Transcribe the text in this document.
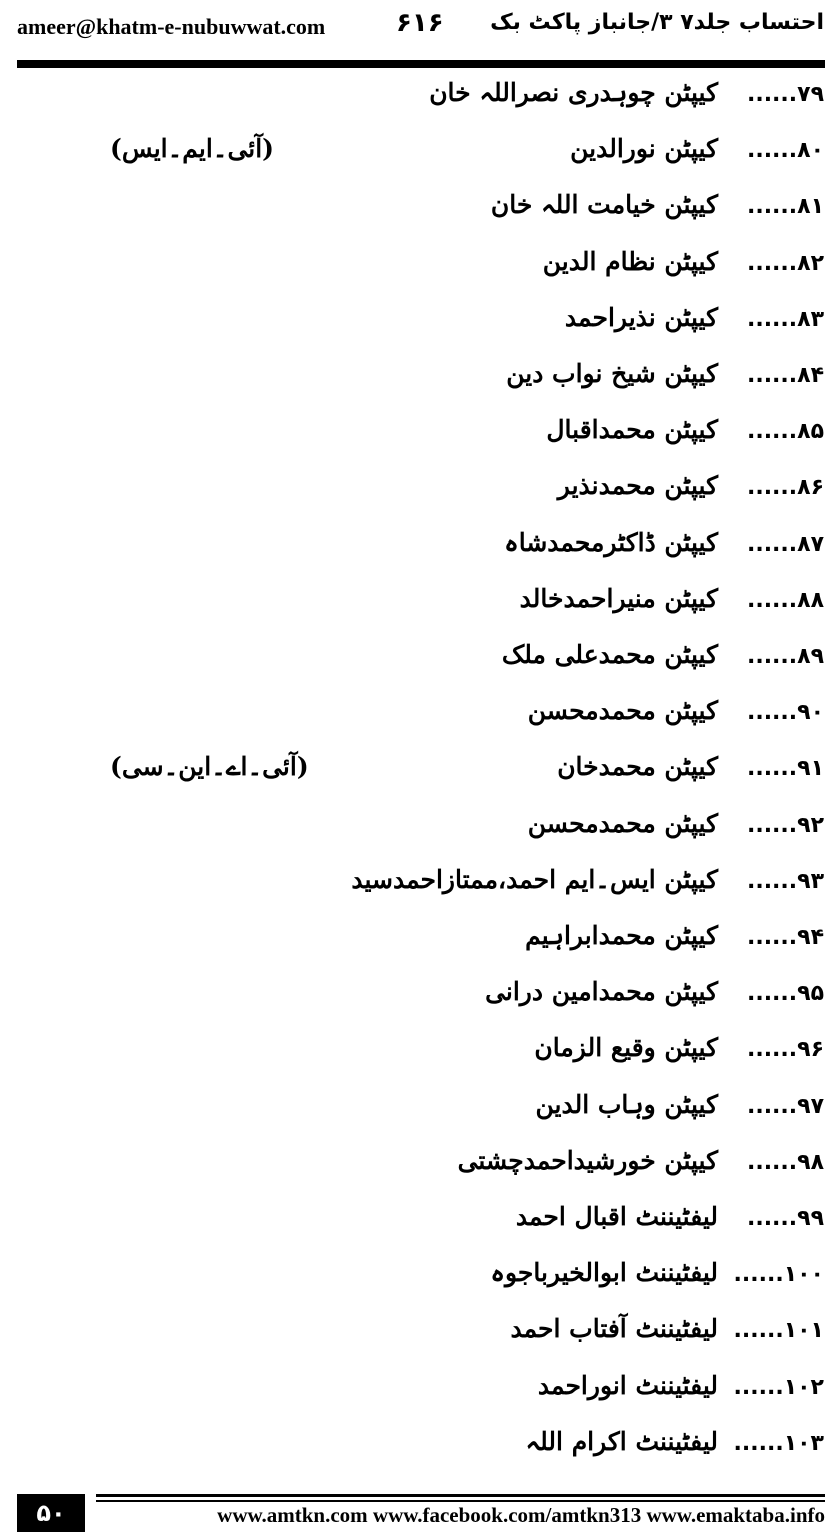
ameer@khatm-e-nubuwwat.com	۶۱۶ احتساب جلد۷ ۳/جانباز پاکٹ بک
۷۹......
کیپٹن چوہدری نصراللہ خان
۸۰......
کیپٹن نورالدین
(آئی۔ایم۔ایس)
۸۱......
کیپٹن خیامت اللہ خان
۸۲......
کیپٹن نظام الدین
۸۳......
کیپٹن نذیراحمد
۸۴......
کیپٹن شیخ نواب دین
۸۵......
کیپٹن محمداقبال
۸۶......
کیپٹن محمدنذیر
۸۷......
کیپٹن ڈاکٹرمحمدشاہ
۸۸......
کیپٹن منیراحمدخالد
۸۹......
کیپٹن محمدعلی ملک
۹۰......
کیپٹن محمدمحسن
۹۱......
کیپٹن محمدخان
(آئی۔اے۔این۔سی)
۹۲......
کیپٹن محمدمحسن
۹۳......
کیپٹن ایس۔ایم احمد،ممتازاحمدسید
۹۴......
کیپٹن محمدابراہیم
۹۵......
کیپٹن محمدامین درانی
۹۶......
کیپٹن وقیع الزمان
۹۷......
کیپٹن وہاب الدین
۹۸......
کیپٹن خورشیداحمدچشتی
۹۹......
لیفٹیننٹ اقبال احمد
۱۰۰......
لیفٹیننٹ ابوالخیرباجوہ
۱۰۱......
لیفٹیننٹ آفتاب احمد
۱۰۲......
لیفٹیننٹ انوراحمد
۱۰۳......
لیفٹیننٹ اکرام اللہ
۵۰	www.amtkn.com www.facebook.com/amtkn313 www.emaktaba.info
